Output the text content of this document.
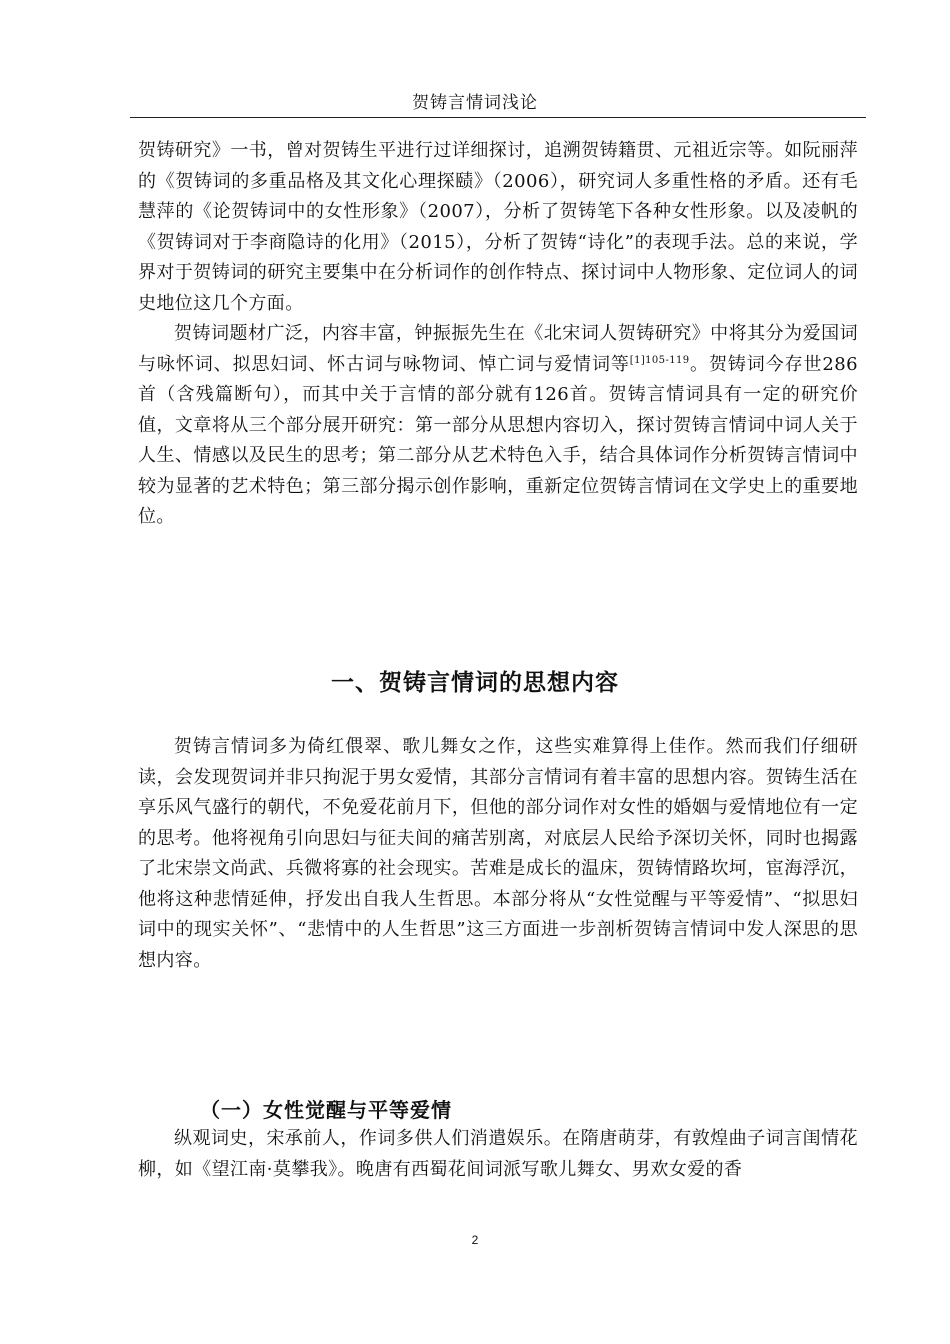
贺铸言情词浅论

贺铸研究》一书，曾对贺铸生平进行过详细探讨，追溯贺铸籍贯、元祖近宗等。如阮丽萍的《贺铸词的多重品格及其文化心理探赜》（2006），研究词人多重性格的矛盾。还有毛慧萍的《论贺铸词中的女性形象》（2007），分析了贺铸笔下各种女性形象。以及凌帆的《贺铸词对于李商隐诗的化用》（2015），分析了贺铸“诗化”的表现手法。总的来说，学界对于贺铸词的研究主要集中在分析词作的创作特点、探讨词中人物形象、定位词人的词史地位这几个方面。

贺铸词题材广泛，内容丰富，钟振振先生在《北宋词人贺铸研究》中将其分为爱国词与咏怀词、拟思妇词、怀古词与咏物词、悼亡词与爱情词等$^{[1]105-119}$。贺铸词今存世286首（含残篇断句），而其中关于言情的部分就有126首。贺铸言情词具有一定的研究价值，文章将从三个部分展开研究：第一部分从思想内容切入，探讨贺铸言情词中词人关于人生、情感以及民生的思考；第二部分从艺术特色入手，结合具体词作分析贺铸言情词中较为显著的艺术特色；第三部分揭示创作影响，重新定位贺铸言情词在文学史上的重要地位。

一、贺铸言情词的思想内容

贺铸言情词多为倚红偎翠、歌儿舞女之作，这些实难算得上佳作。然而我们仔细研读，会发现贺词并非只拘泥于男女爱情，其部分言情词有着丰富的思想内容。贺铸生活在享乐风气盛行的朝代，不免爱花前月下，但他的部分词作对女性的婚姻与爱情地位有一定的思考。他将视角引向思妇与征夫间的痛苦别离，对底层人民给予深切关怀，同时也揭露了北宋崇文尚武、兵微将寡的社会现实。苦难是成长的温床，贺铸情路坎坷，宦海浮沉，他将这种悲情延伸，抒发出自我人生哲思。本部分将从“女性觉醒与平等爱情”、“拟思妇词中的现实关怀”、“悲情中的人生哲思”这三方面进一步剖析贺铸言情词中发人深思的思想内容。

（一）女性觉醒与平等爱情

纵观词史，宋承前人，作词多供人们消遣娱乐。在隋唐萌芽，有敦煌曲子词言闺情花柳，如《望江南·莫攀我》。晚唐有西蜀花间词派写歌儿舞女、男欢女爱的香

2
